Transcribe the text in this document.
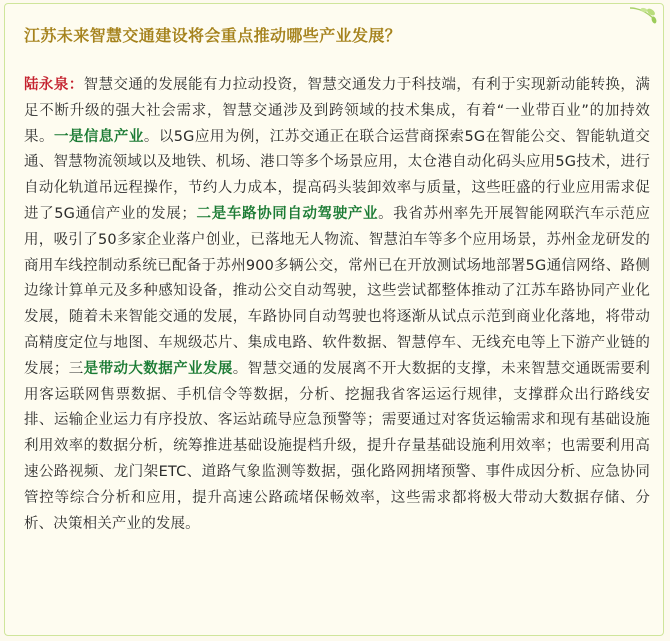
江苏未来智慧交通建设将会重点推动哪些产业发展？

陆永泉：智慧交通的发展能有力拉动投资，智慧交通发力于科技端，有利于实现新动能转换，满足不断升级的强大社会需求，智慧交通涉及到跨领域的技术集成，有着“一业带百业”的加持效果。一是信息产业。以5G应用为例，江苏交通正在联合运营商探索5G在智能公交、智能轨道交通、智慧物流领域以及地铁、机场、港口等多个场景应用，太仓港自动化码头应用5G技术，进行自动化轨道吊远程操作，节约人力成本，提高码头装卸效率与质量，这些旺盛的行业应用需求促进了5G通信产业的发展；二是车路协同自动驾驶产业。我省苏州率先开展智能网联汽车示范应用，吸引了50多家企业落户创业，已落地无人物流、智慧泊车等多个应用场景，苏州金龙研发的商用车线控制动系统已配备于苏州900多辆公交，常州已在开放测试场地部署5G通信网络、路侧边缘计算单元及多种感知设备，推动公交自动驾驶，这些尝试都整体推动了江苏车路协同产业化发展，随着未来智能交通的发展，车路协同自动驾驶也将逐渐从试点示范到商业化落地，将带动高精度定位与地图、车规级芯片、集成电路、软件数据、智慧停车、无线充电等上下游产业链的发展；三是带动大数据产业发展。智慧交通的发展离不开大数据的支撑，未来智慧交通既需要利用客运联网售票数据、手机信令等数据，分析、挖掘我省客运运行规律，支撑群众出行路线安排、运输企业运力有序投放、客运站疏导应急预警等；需要通过对客货运输需求和现有基础设施利用效率的数据分析，统筹推进基础设施提档升级，提升存量基础设施利用效率；也需要利用高速公路视频、龙门架ETC、道路气象监测等数据，强化路网拥堵预警、事件成因分析、应急协同管控等综合分析和应用，提升高速公路疏堵保畅效率，这些需求都将极大带动大数据存储、分析、决策相关产业的发展。
